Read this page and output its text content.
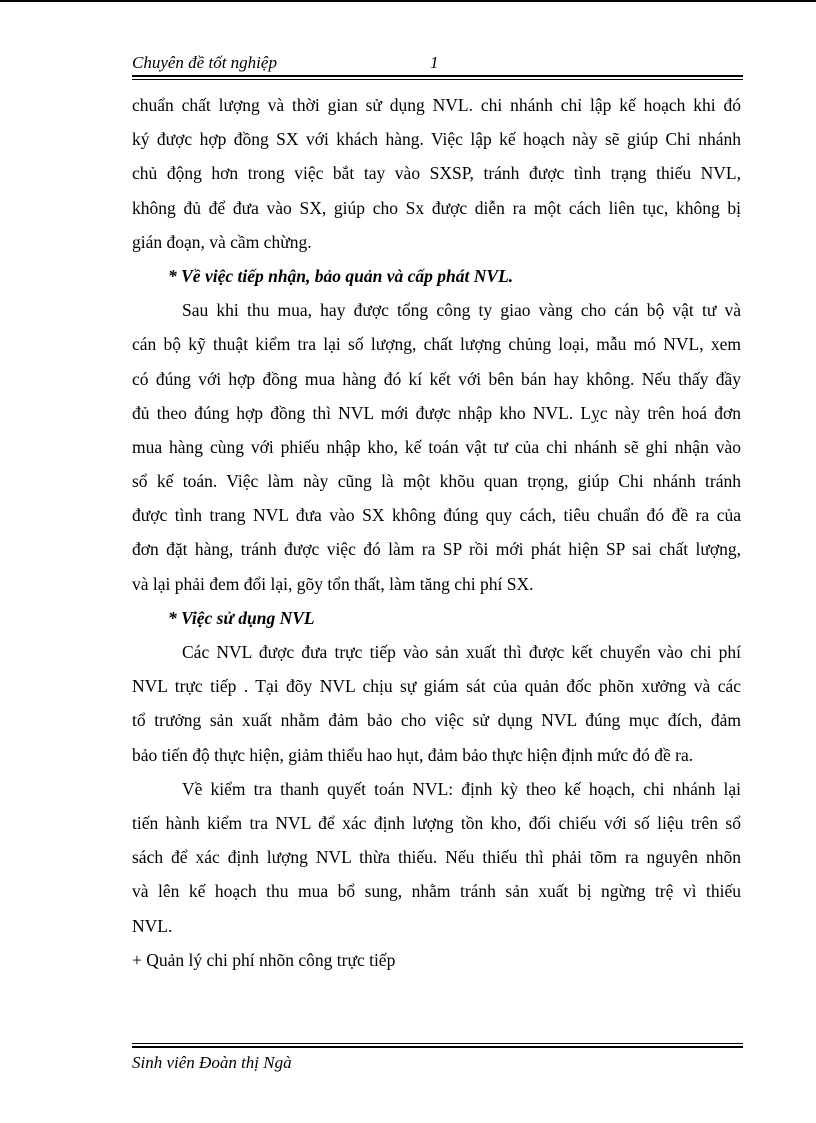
Chuyên đề tốt nghiệp	1
chuẩn chất lượng và thời gian sử dụng NVL. chi nhánh chỉ lập kế hoạch khi đó
ký được hợp đồng SX với khách hàng. Việc lập kế hoạch này sẽ giúp Chi nhánh
chủ động hơn trong việc bắt tay vào SXSP, tránh được tình trạng thiếu NVL,
không đủ để đưa vào SX, giúp cho Sx được diễn ra một cách liên tục, không bị
gián đoạn, và cầm chừng.
* Về việc tiếp nhận, bảo quản và cấp phát NVL.
Sau khi thu mua, hay được tổng công ty giao vàng cho cán bộ vật tư và
cán bộ kỹ thuật kiểm tra lại số lượng, chất lượng chủng loại, mẫu mó NVL, xem
có đúng với hợp đồng mua hàng đó kí kết với bên bán hay không. Nếu thấy đầy
đủ theo đúng hợp đồng thì NVL mới được nhập kho NVL. Lỵc này trên hoá đơn
mua hàng cùng với phiếu nhập kho, kế toán vật tư của chi nhánh sẽ ghi nhận vào
sổ kế toán. Việc làm này cũng là một khõu quan trọng, giúp Chi nhánh tránh
được tình trang NVL đưa vào SX không đúng quy cách, tiêu chuẩn đó đề ra của
đơn đặt hàng, tránh được việc đó làm ra SP rồi mới phát hiện SP sai chất lượng,
và lại phải đem đổi lại, gõy tổn thất, làm tăng chi phí SX.
* Việc sử dụng NVL
Các NVL được đưa trực tiếp vào sản xuất thì được kết chuyển vào chi phí
NVL trực tiếp . Tại đõy NVL chịu sự giám sát của quản đốc phõn xưởng và các
tổ trưởng sản xuất nhằm đảm bảo cho việc sử dụng NVL đúng mục đích, đảm
bảo tiến độ thực hiện, giảm thiểu hao hụt, đảm bảo thực hiện định mức đó đề ra.
Về kiểm tra thanh quyết toán NVL: định kỳ theo kế hoạch, chi nhánh lại
tiến hành kiểm tra NVL để xác định lượng tồn kho, đối chiếu với số liệu trên sổ
sách để xác định lượng NVL thừa thiếu. Nếu thiếu thì phải tõm ra nguyên nhõn
và lên kế hoạch thu mua bổ sung, nhằm tránh sản xuất bị ngừng trệ vì thiếu
NVL.
+ Quản lý chi phí nhõn công trực tiếp
Sinh viên Đoàn thị Ngà
